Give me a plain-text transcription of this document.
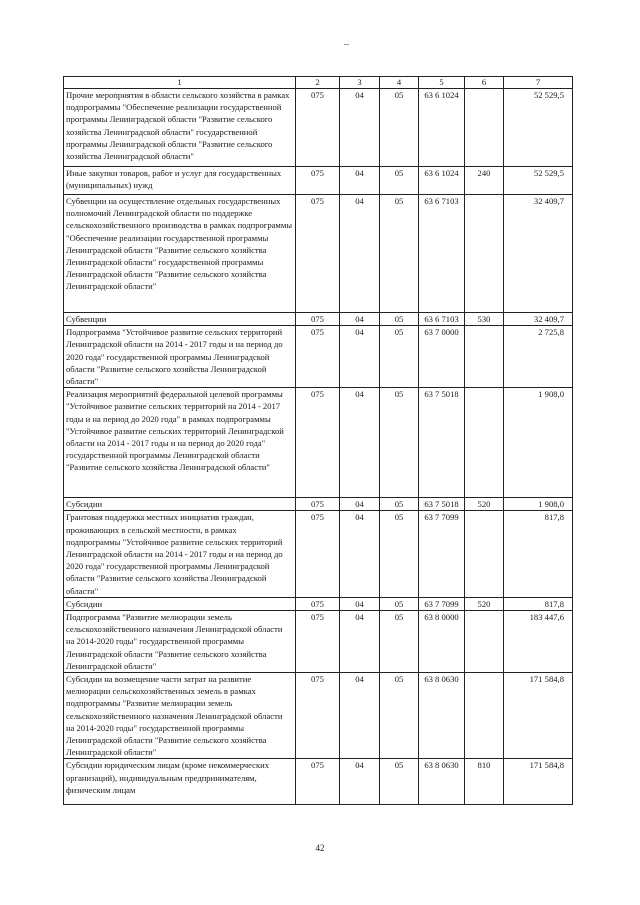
1	2	3	4	5	6	7
Прочие мероприятия в области сельского хозяйства в рамках подпрограммы "Обеспечение реализации государственной программы Ленинградской области "Развитие сельского хозяйства Ленинградской области" государственной программы Ленинградской области "Развитие сельского хозяйства Ленинградской области"	075	04	05	63 6 1024		52 529,5
Иные закупки товаров, работ и услуг для государственных (муниципальных) нужд	075	04	05	63 6 1024	240	52 529,5
Субвенции на осуществление отдельных государственных полномочий Ленинградской области по поддержке сельскохозяйственного производства в рамках подпрограммы "Обеспечение реализации государственной программы Ленинградской области "Развитие сельского хозяйства Ленинградской области" государственной программы Ленинградской области "Развитие сельского хозяйства Ленинградской области"	075	04	05	63 6 7103		32 409,7
Субвенции	075	04	05	63 6 7103	530	32 409,7
Подпрограмма "Устойчивое развитие сельских территорий Ленинградской области на 2014 - 2017 годы и на период до 2020 года" государственной программы Ленинградской области "Развитие сельского хозяйства Ленинградской области"	075	04	05	63 7 0000		2 725,8
Реализация мероприятий федеральной целевой программы "Устойчивое развитие сельских территорий на 2014 - 2017 годы и на период до 2020 года" в рамках подпрограммы "Устойчивое развитие сельских территорий Ленинградской области на 2014 - 2017 годы и на период до 2020 года" государственной программы Ленинградской области "Развитие сельского хозяйства Ленинградской области"	075	04	05	63 7 5018		1 908,0
Субсидии	075	04	05	63 7 5018	520	1 908,0
Грантовая поддержка местных инициатив граждан, проживающих в сельской местности, в рамках подпрограммы "Устойчивое развитие сельских территорий Ленинградской области на 2014 - 2017 годы и на период до 2020 года" государственной программы Ленинградской области "Развитие сельского хозяйства Ленинградской области"	075	04	05	63 7 7099		817,8
Субсидии	075	04	05	63 7 7099	520	817,8
Подпрограмма "Развитие мелиорации земель сельскохозяйственного назначения Ленинградской области на 2014-2020 годы" государственной программы Ленинградской области "Развитие сельского хозяйства Ленинградской области"	075	04	05	63 8 0000		183 447,6
Субсидии на возмещение части затрат на развитие мелиорации сельскохозяйственных земель в рамках подпрограммы "Развитие мелиорации земель сельскохозяйственного назначения Ленинградской области на 2014-2020 годы" государственной программы Ленинградской области "Развитие сельского хозяйства Ленинградской области"	075	04	05	63 8 0630		171 584,8
Субсидии юридическим лицам (кроме некоммерческих организаций), индивидуальным предпринимателям, физическим лицам	075	04	05	63 8 0630	810	171 584,8
42
